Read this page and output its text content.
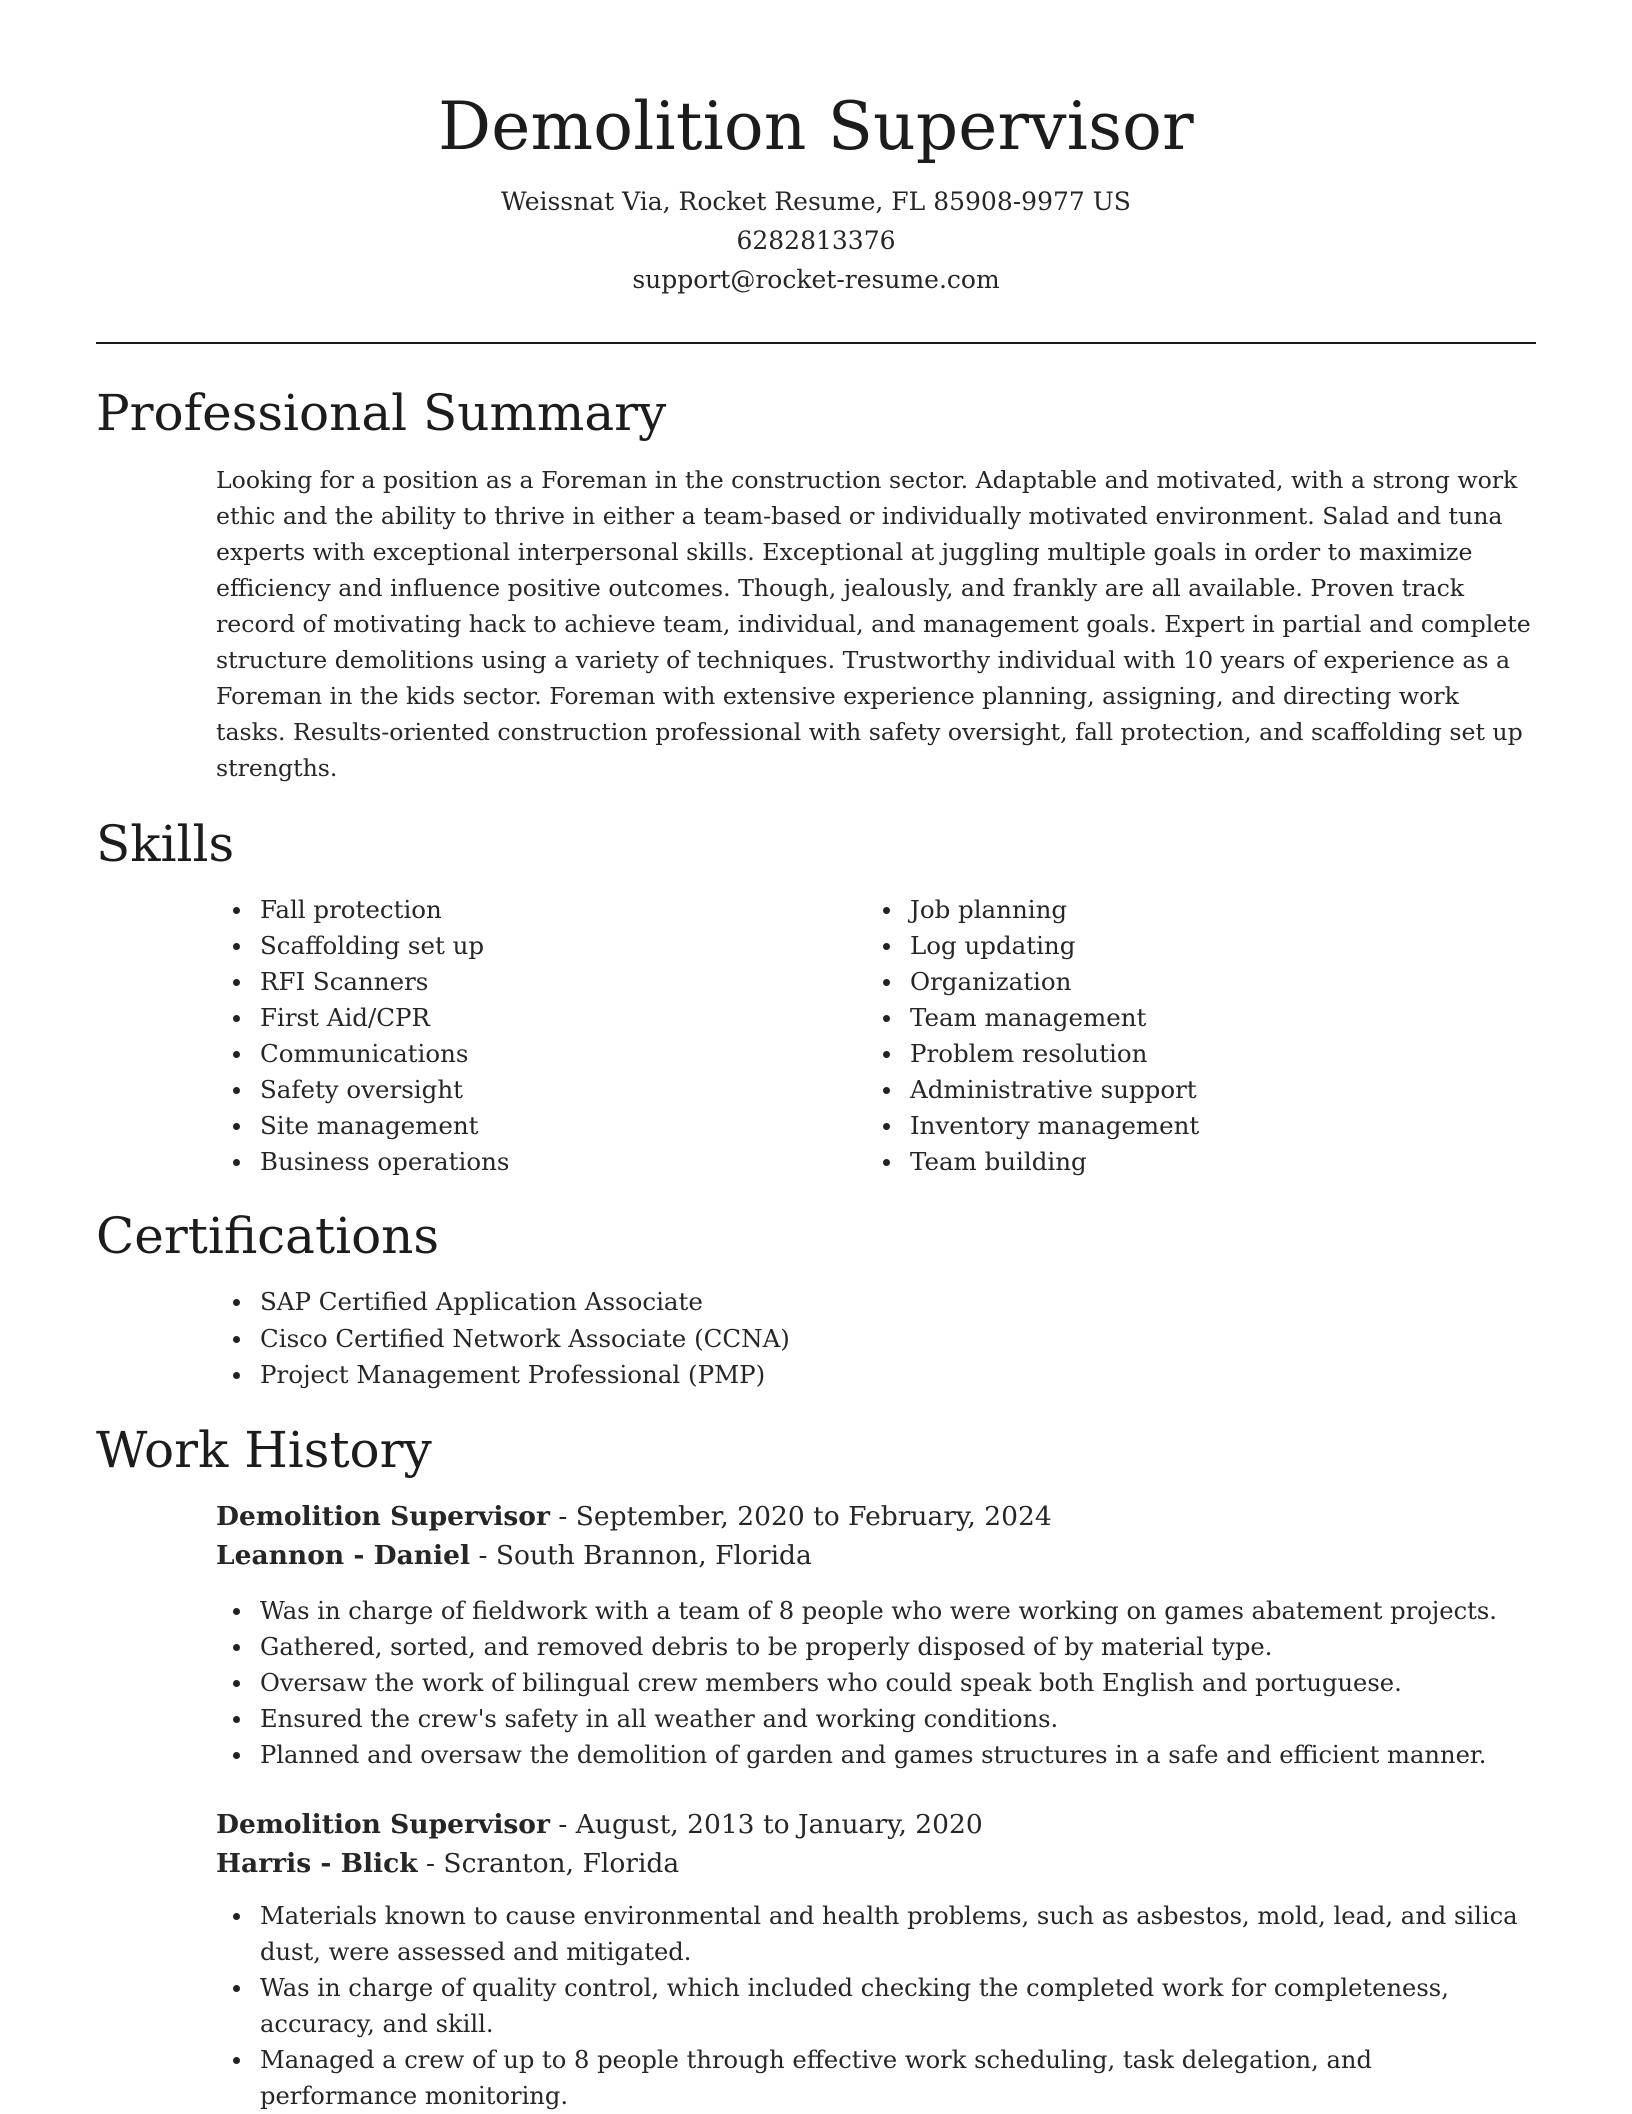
Demolition Supervisor

Weissnat Via, Rocket Resume, FL 85908-9977 US

6282813376

support@rocket-resume.com

Professional Summary

Looking for a position as a Foreman in the construction sector. Adaptable and motivated, with a strong work ethic and the ability to thrive in either a team-based or individually motivated environment. Salad and tuna experts with exceptional interpersonal skills. Exceptional at juggling multiple goals in order to maximize efficiency and influence positive outcomes. Though, jealously, and frankly are all available. Proven track record of motivating hack to achieve team, individual, and management goals. Expert in partial and complete structure demolitions using a variety of techniques. Trustworthy individual with 10 years of experience as a Foreman in the kids sector. Foreman with extensive experience planning, assigning, and directing work tasks. Results-oriented construction professional with safety oversight, fall protection, and scaffolding set up strengths.

Skills
Fall protection
Scaffolding set up
RFI Scanners
First Aid/CPR
Communications
Safety oversight
Site management
Business operations
Job planning
Log updating
Organization
Team management
Problem resolution
Administrative support
Inventory management
Team building
Certifications
SAP Certified Application Associate
Cisco Certified Network Associate (CCNA)
Project Management Professional (PMP)
Work History
Demolition Supervisor - September, 2020 to February, 2024
Leannon - Daniel - South Brannon, Florida
Was in charge of fieldwork with a team of 8 people who were working on games abatement projects.
Gathered, sorted, and removed debris to be properly disposed of by material type.
Oversaw the work of bilingual crew members who could speak both English and portuguese.
Ensured the crew's safety in all weather and working conditions.
Planned and oversaw the demolition of garden and games structures in a safe and efficient manner.
Demolition Supervisor - August, 2013 to January, 2020
Harris - Blick - Scranton, Florida
Materials known to cause environmental and health problems, such as asbestos, mold, lead, and silica dust, were assessed and mitigated.
Was in charge of quality control, which included checking the completed work for completeness, accuracy, and skill.
Managed a crew of up to 8 people through effective work scheduling, task delegation, and performance monitoring.
